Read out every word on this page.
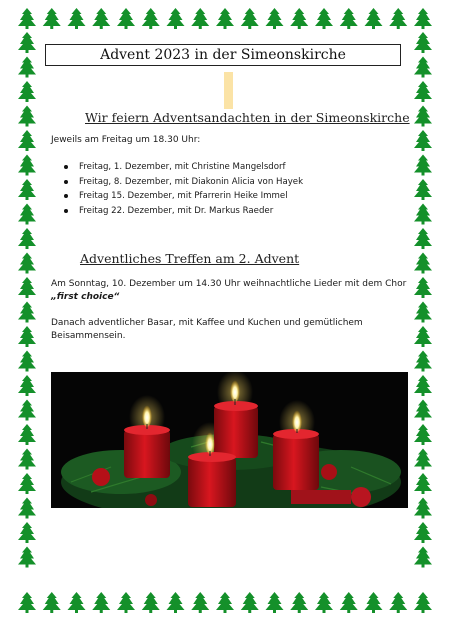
Advent 2023 in der Simeonskirche
Wir feiern Adventsandachten in der Simeonskirche
Jeweils am Freitag um 18.30 Uhr:
Freitag, 1. Dezember, mit Christine Mangelsdorf
Freitag, 8. Dezember, mit Diakonin Alicia von Hayek
Freitag 15. Dezember, mit Pfarrerin Heike Immel
Freitag 22. Dezember, mit Dr. Markus Raeder
Adventliches Treffen am 2. Advent
Am Sonntag, 10. Dezember um 14.30 Uhr weihnachtliche Lieder mit dem Chor
„first choice“
Danach adventlicher Basar, mit Kaffee und Kuchen und gemütlichem
Beisammensein.
